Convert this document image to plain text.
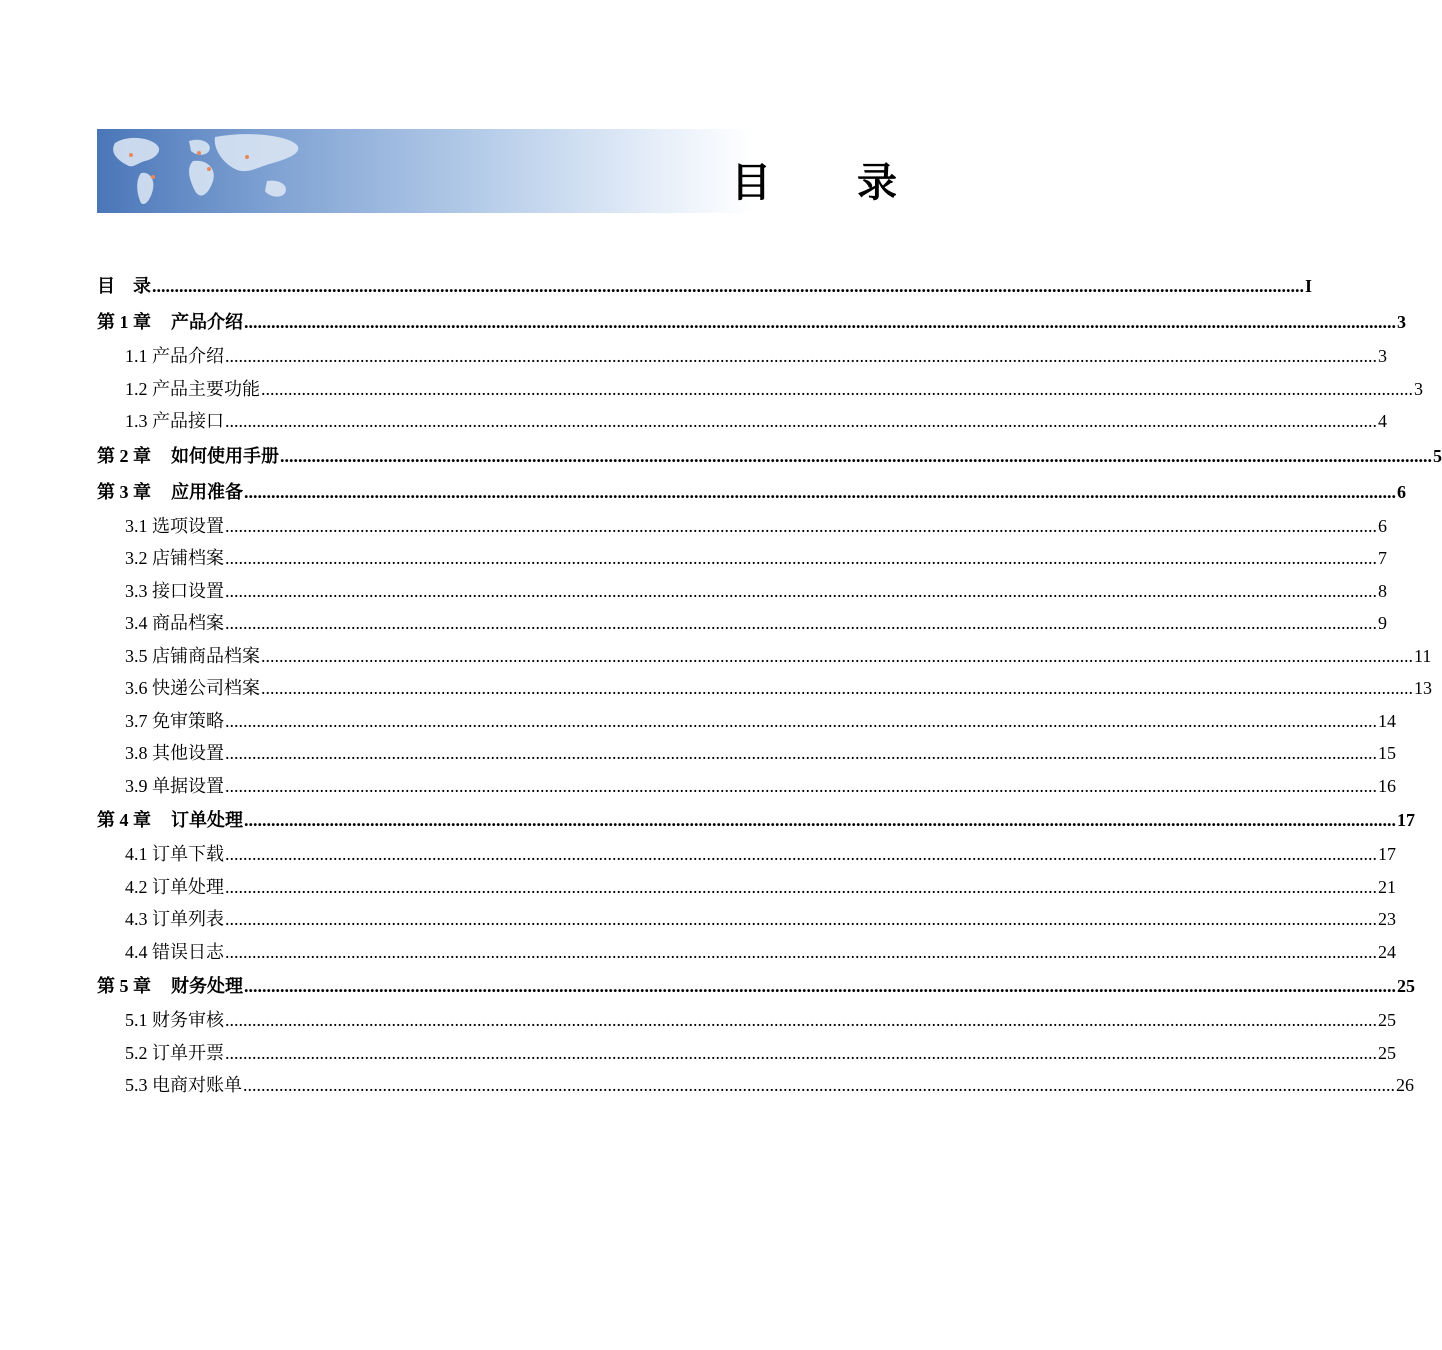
目 录
目　录 .....	I
第 1 章 产品介绍 .....	3
1.1 产品介绍 .....	3
1.2 产品主要功能 .....	3
1.3 产品接口 .....	4
第 2 章 如何使用手册 .....	5
第 3 章 应用准备 .....	6
3.1 选项设置 .....	6
3.2 店铺档案 .....	7
3.3 接口设置 .....	8
3.4 商品档案 .....	9
3.5 店铺商品档案 .....	11
3.6 快递公司档案 .....	13
3.7 免审策略 .....	14
3.8 其他设置 .....	15
3.9 单据设置 .....	16
第 4 章 订单处理 .....	17
4.1 订单下载 .....	17
4.2 订单处理 .....	21
4.3 订单列表 .....	23
4.4 错误日志 .....	24
第 5 章 财务处理 .....	25
5.1 财务审核 .....	25
5.2 订单开票 .....	25
5.3 电商对账单 .....	26
